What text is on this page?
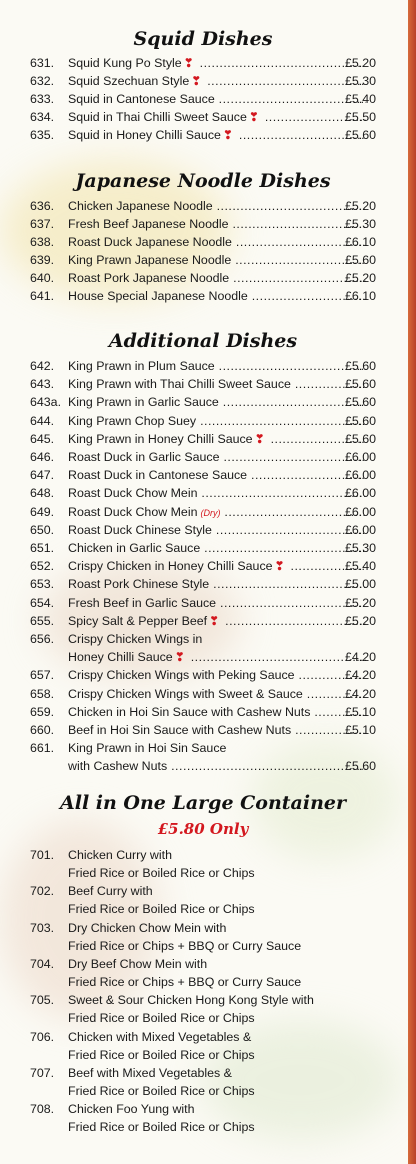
Squid Dishes
631. Squid Kung Po Style ❣ .....	£5.20
632. Squid Szechuan Style ❣ .....	£5.30
633. Squid in Cantonese Sauce .....	£5.40
634. Squid in Thai Chilli Sweet Sauce ❣ .....	£5.50
635. Squid in Honey Chilli Sauce ❣ .....	£5.60
Japanese Noodle Dishes
636. Chicken Japanese Noodle .....	£5.20
637. Fresh Beef Japanese Noodle .....	£5.30
638. Roast Duck Japanese Noodle .....	£6.10
639. King Prawn Japanese Noodle .....	£5.60
640. Roast Pork Japanese Noodle .....	£5.20
641. House Special Japanese Noodle .....	£6.10
Additional Dishes
642. King Prawn in Plum Sauce .....	£5.60
643. King Prawn with Thai Chilli Sweet Sauce .....	£5.60
643a. King Prawn in Garlic Sauce .....	£5.60
644. King Prawn Chop Suey .....	£5.60
645. King Prawn in Honey Chilli Sauce ❣ .....	£5.60
646. Roast Duck in Garlic Sauce .....	£6.00
647. Roast Duck in Cantonese Sauce .....	£6.00
648. Roast Duck Chow Mein .....	£6.00
649. Roast Duck Chow Mein (Dry) .....	£6.00
650. Roast Duck Chinese Style .....	£6.00
651. Chicken in Garlic Sauce .....	£5.30
652. Crispy Chicken in Honey Chilli Sauce ❣ .....	£5.40
653. Roast Pork Chinese Style .....	£5.00
654. Fresh Beef in Garlic Sauce .....	£5.20
655. Spicy Salt & Pepper Beef ❣ .....	£5.20
656. Crispy Chicken Wings in
Honey Chilli Sauce ❣ .....	£4.20
657. Crispy Chicken Wings with Peking Sauce .....	£4.20
658. Crispy Chicken Wings with Sweet & Sauce .....	£4.20
659. Chicken in Hoi Sin Sauce with Cashew Nuts .....	£5.10
660. Beef in Hoi Sin Sauce with Cashew Nuts .....	£5.10
661. King Prawn in Hoi Sin Sauce
with Cashew Nuts .....	£5.60
All in One Large Container
£5.80 Only
701. Chicken Curry with
Fried Rice or Boiled Rice or Chips
702. Beef Curry with
Fried Rice or Boiled Rice or Chips
703. Dry Chicken Chow Mein with
Fried Rice or Chips + BBQ or Curry Sauce
704. Dry Beef Chow Mein with
Fried Rice or Chips + BBQ or Curry Sauce
705. Sweet & Sour Chicken Hong Kong Style with
Fried Rice or Boiled Rice or Chips
706. Chicken with Mixed Vegetables &
Fried Rice or Boiled Rice or Chips
707. Beef with Mixed Vegetables &
Fried Rice or Boiled Rice or Chips
708. Chicken Foo Yung with
Fried Rice or Boiled Rice or Chips
